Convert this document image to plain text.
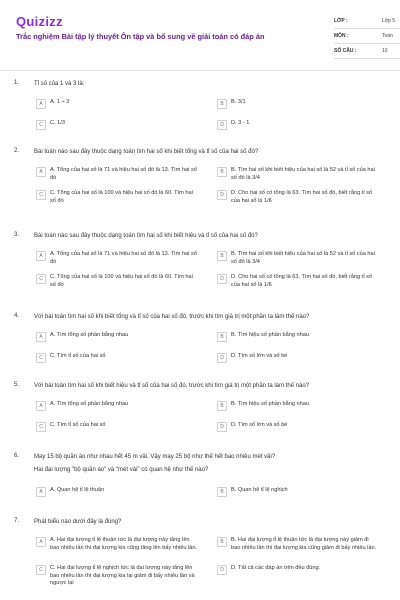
Quizizz
Trắc nghiệm Bài tập lý thuyết Ôn tập và bổ sung về giải toán có đáp án
LỚP :	Lớp 5
MÔN :	Toán
SỐ CÂU :	10
1. Tỉ số của 1 và 3 là:
A	A. 1 ÷ 3	B	B. 3/1
C	C. 1/3	D	D. 3 - 1
2. Bài toán nào sau đây thuộc dạng toán tìm hai số khi biết tổng và tỉ số của hai số đó?
A	A. Tổng của hai số là 71 và hiệu hai số đó là 13. Tìm hai số đó
B	B. Tìm hai số khi biết hiệu của hai số là 52 và tỉ số của hai số đó là 3/4
C	C. Tổng của hai số là 100 và hiệu hai số đó là 60. Tìm hai số đó
D	D. Cho hai số có tổng là 63. Tìm hai số đó, biết rằng tỉ số của hai số là 1/6
3. Bài toán nào sau đây thuộc dạng toán tìm hai số khi biết hiệu và tỉ số của hai số đó?
A	A. Tổng của hai số là 71 và hiệu hai số đó là 13. Tìm hai số đó
B	B. Tìm hai số khi biết hiệu của hai số là 52 và tỉ số của hai số đó là 3/4
C	C. Tổng của hai số là 100 và hiệu hai số đó là 60. Tìm hai số đó
D	D. Cho hai số có tổng là 63. Tìm hai số đó, biết rằng tỉ số của hai số là 1/6
4. Với bài toán tìm hai số khi biết tổng và tỉ số của hai số đó, trước khi tìm giá trị một phần ta làm thế nào?
A	A. Tìm tổng số phần bằng nhau	B	B. Tìm hiệu số phần bằng nhau
C	C. Tìm tỉ số của hai số	D	D. Tìm số lớn và số bé
5. Với bài toán tìm hai số khi biết hiệu và tỉ số của hai số đó, trước khi tìm giá trị một phần ta làm thế nào?
A	A. Tìm tổng số phần bằng nhau	B	B. Tìm hiệu số phần bằng nhau
C	C. Tìm tỉ số của hai số	D	D. Tìm số lớn và số bé
6. May 15 bộ quần áo như nhau hết 45 m vải. Vậy may 25 bộ như thế hết bao nhiêu mét vải?
Hai đại lượng "bộ quần áo" và "mét vải" có quan hệ như thế nào?
A	A. Quan hệ tỉ lệ thuận	B	B. Quan hệ tỉ lệ nghịch
7. Phát biểu nào dưới đây là đúng?
A	A. Hai đại lượng tỉ lệ thuận tức là đại lượng này tăng lên bao nhiêu lần thì đại lượng kia cũng tăng lên bấy nhiêu lần.
B	B. Hai đại lượng tỉ lệ thuận tức là đại lượng này giảm đi bao nhiêu lần thì đại lượng kia cũng giảm đi bấy nhiêu lần.
C	C. Hai đại lượng tỉ lệ nghịch tức là đại lượng này tăng lên bao nhiêu lần thì đại lượng kia lại giảm đi bấy nhiêu lần và ngược lại
D	D. Tất cả các đáp án trên đều đúng.
